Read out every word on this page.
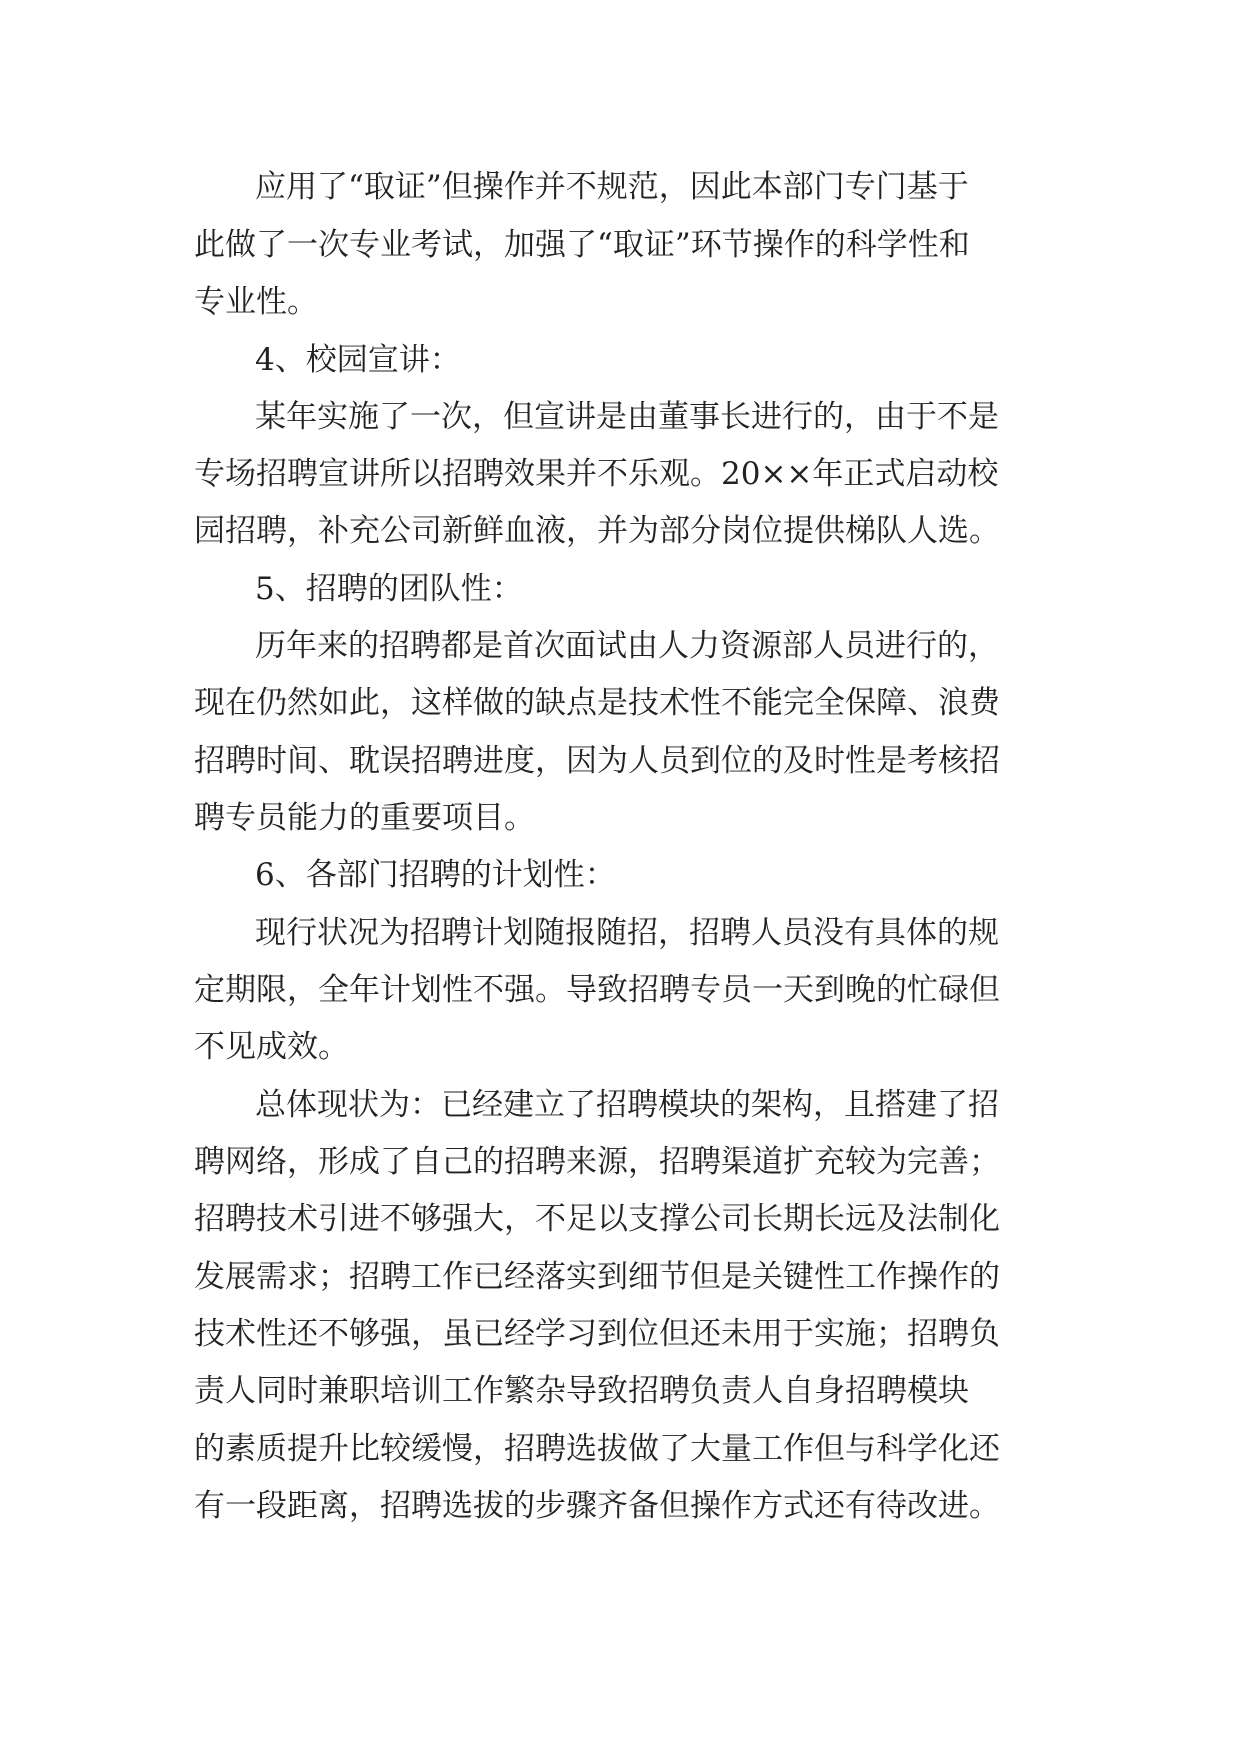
应用了“取证”但操作并不规范，因此本部门专门基于
此做了一次专业考试，加强了“取证”环节操作的科学性和
专业性。
4、校园宣讲：
某年实施了一次，但宣讲是由董事长进行的，由于不是
专场招聘宣讲所以招聘效果并不乐观。20××年正式启动校
园招聘，补充公司新鲜血液，并为部分岗位提供梯队人选。
5、招聘的团队性：
历年来的招聘都是首次面试由人力资源部人员进行的，
现在仍然如此，这样做的缺点是技术性不能完全保障、浪费
招聘时间、耽误招聘进度，因为人员到位的及时性是考核招
聘专员能力的重要项目。
6、各部门招聘的计划性：
现行状况为招聘计划随报随招，招聘人员没有具体的规
定期限，全年计划性不强。导致招聘专员一天到晚的忙碌但
不见成效。
总体现状为：已经建立了招聘模块的架构，且搭建了招
聘网络，形成了自己的招聘来源，招聘渠道扩充较为完善；
招聘技术引进不够强大，不足以支撑公司长期长远及法制化
发展需求；招聘工作已经落实到细节但是关键性工作操作的
技术性还不够强，虽已经学习到位但还未用于实施；招聘负
责人同时兼职培训工作繁杂导致招聘负责人自身招聘模块
的素质提升比较缓慢，招聘选拔做了大量工作但与科学化还
有一段距离，招聘选拔的步骤齐备但操作方式还有待改进。
